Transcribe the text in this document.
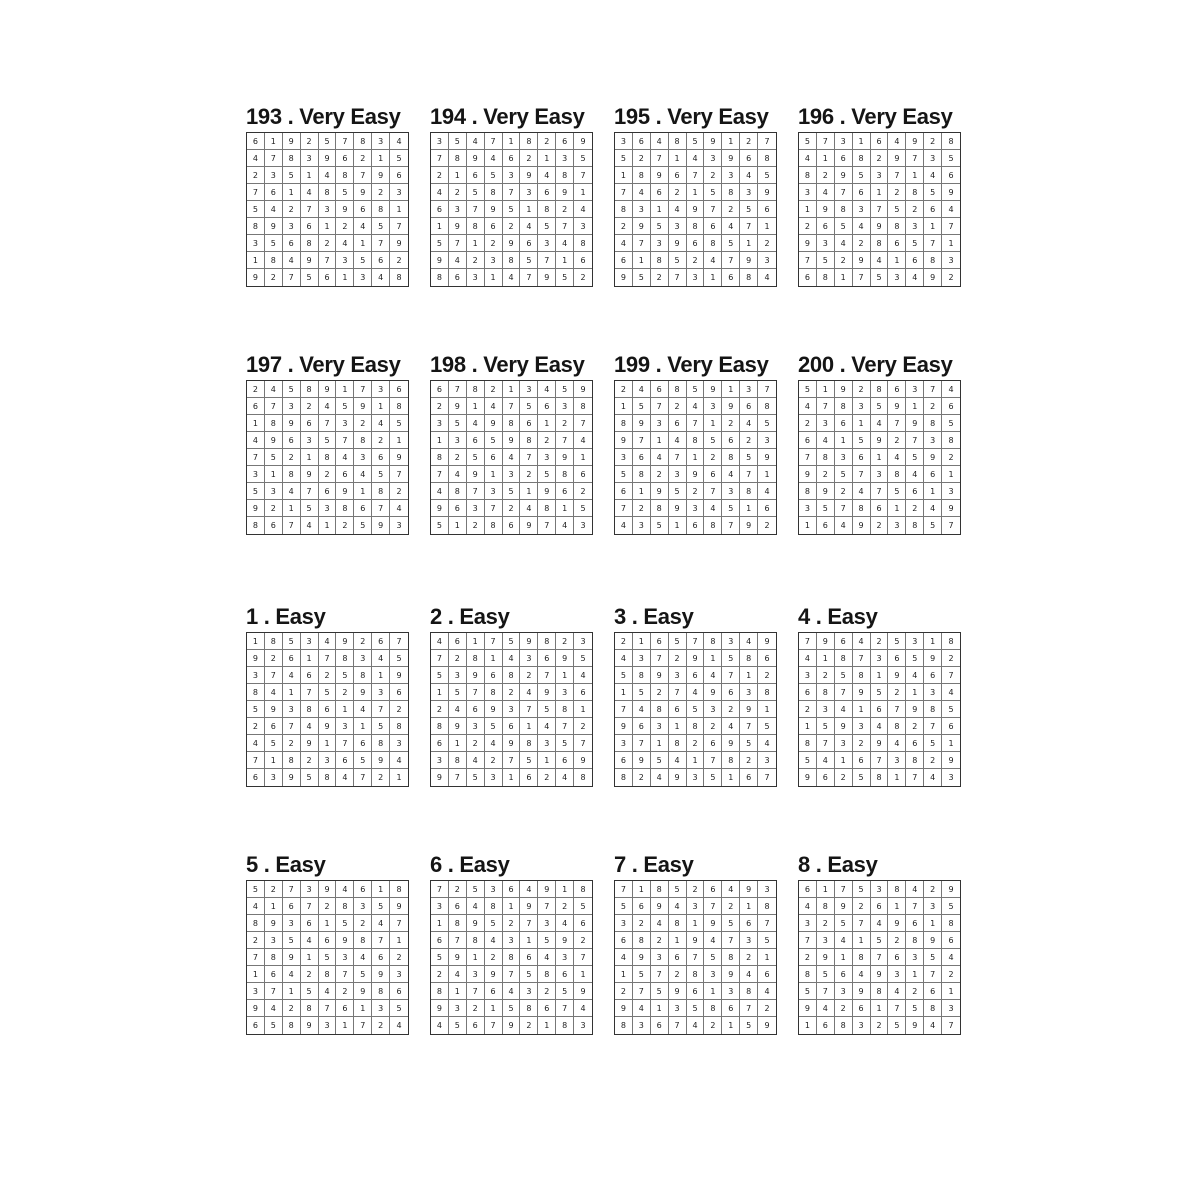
193 . Very Easy
6	1	9	2	5	7	8	3	4
4	7	8	3	9	6	2	1	5
2	3	5	1	4	8	7	9	6
7	6	1	4	8	5	9	2	3
5	4	2	7	3	9	6	8	1
8	9	3	6	1	2	4	5	7
3	5	6	8	2	4	1	7	9
1	8	4	9	7	3	5	6	2
9	2	7	5	6	1	3	4	8
194 . Very Easy
3	5	4	7	1	8	2	6	9
7	8	9	4	6	2	1	3	5
2	1	6	5	3	9	4	8	7
4	2	5	8	7	3	6	9	1
6	3	7	9	5	1	8	2	4
1	9	8	6	2	4	5	7	3
5	7	1	2	9	6	3	4	8
9	4	2	3	8	5	7	1	6
8	6	3	1	4	7	9	5	2
195 . Very Easy
3	6	4	8	5	9	1	2	7
5	2	7	1	4	3	9	6	8
1	8	9	6	7	2	3	4	5
7	4	6	2	1	5	8	3	9
8	3	1	4	9	7	2	5	6
2	9	5	3	8	6	4	7	1
4	7	3	9	6	8	5	1	2
6	1	8	5	2	4	7	9	3
9	5	2	7	3	1	6	8	4
196 . Very Easy
5	7	3	1	6	4	9	2	8
4	1	6	8	2	9	7	3	5
8	2	9	5	3	7	1	4	6
3	4	7	6	1	2	8	5	9
1	9	8	3	7	5	2	6	4
2	6	5	4	9	8	3	1	7
9	3	4	2	8	6	5	7	1
7	5	2	9	4	1	6	8	3
6	8	1	7	5	3	4	9	2
197 . Very Easy
2	4	5	8	9	1	7	3	6
6	7	3	2	4	5	9	1	8
1	8	9	6	7	3	2	4	5
4	9	6	3	5	7	8	2	1
7	5	2	1	8	4	3	6	9
3	1	8	9	2	6	4	5	7
5	3	4	7	6	9	1	8	2
9	2	1	5	3	8	6	7	4
8	6	7	4	1	2	5	9	3
198 . Very Easy
6	7	8	2	1	3	4	5	9
2	9	1	4	7	5	6	3	8
3	5	4	9	8	6	1	2	7
1	3	6	5	9	8	2	7	4
8	2	5	6	4	7	3	9	1
7	4	9	1	3	2	5	8	6
4	8	7	3	5	1	9	6	2
9	6	3	7	2	4	8	1	5
5	1	2	8	6	9	7	4	3
199 . Very Easy
2	4	6	8	5	9	1	3	7
1	5	7	2	4	3	9	6	8
8	9	3	6	7	1	2	4	5
9	7	1	4	8	5	6	2	3
3	6	4	7	1	2	8	5	9
5	8	2	3	9	6	4	7	1
6	1	9	5	2	7	3	8	4
7	2	8	9	3	4	5	1	6
4	3	5	1	6	8	7	9	2
200 . Very Easy
5	1	9	2	8	6	3	7	4
4	7	8	3	5	9	1	2	6
2	3	6	1	4	7	9	8	5
6	4	1	5	9	2	7	3	8
7	8	3	6	1	4	5	9	2
9	2	5	7	3	8	4	6	1
8	9	2	4	7	5	6	1	3
3	5	7	8	6	1	2	4	9
1	6	4	9	2	3	8	5	7
1 . Easy
1	8	5	3	4	9	2	6	7
9	2	6	1	7	8	3	4	5
3	7	4	6	2	5	8	1	9
8	4	1	7	5	2	9	3	6
5	9	3	8	6	1	4	7	2
2	6	7	4	9	3	1	5	8
4	5	2	9	1	7	6	8	3
7	1	8	2	3	6	5	9	4
6	3	9	5	8	4	7	2	1
2 . Easy
4	6	1	7	5	9	8	2	3
7	2	8	1	4	3	6	9	5
5	3	9	6	8	2	7	1	4
1	5	7	8	2	4	9	3	6
2	4	6	9	3	7	5	8	1
8	9	3	5	6	1	4	7	2
6	1	2	4	9	8	3	5	7
3	8	4	2	7	5	1	6	9
9	7	5	3	1	6	2	4	8
3 . Easy
2	1	6	5	7	8	3	4	9
4	3	7	2	9	1	5	8	6
5	8	9	3	6	4	7	1	2
1	5	2	7	4	9	6	3	8
7	4	8	6	5	3	2	9	1
9	6	3	1	8	2	4	7	5
3	7	1	8	2	6	9	5	4
6	9	5	4	1	7	8	2	3
8	2	4	9	3	5	1	6	7
4 . Easy
7	9	6	4	2	5	3	1	8
4	1	8	7	3	6	5	9	2
3	2	5	8	1	9	4	6	7
6	8	7	9	5	2	1	3	4
2	3	4	1	6	7	9	8	5
1	5	9	3	4	8	2	7	6
8	7	3	2	9	4	6	5	1
5	4	1	6	7	3	8	2	9
9	6	2	5	8	1	7	4	3
5 . Easy
5	2	7	3	9	4	6	1	8
4	1	6	7	2	8	3	5	9
8	9	3	6	1	5	2	4	7
2	3	5	4	6	9	8	7	1
7	8	9	1	5	3	4	6	2
1	6	4	2	8	7	5	9	3
3	7	1	5	4	2	9	8	6
9	4	2	8	7	6	1	3	5
6	5	8	9	3	1	7	2	4
6 . Easy
7	2	5	3	6	4	9	1	8
3	6	4	8	1	9	7	2	5
1	8	9	5	2	7	3	4	6
6	7	8	4	3	1	5	9	2
5	9	1	2	8	6	4	3	7
2	4	3	9	7	5	8	6	1
8	1	7	6	4	3	2	5	9
9	3	2	1	5	8	6	7	4
4	5	6	7	9	2	1	8	3
7 . Easy
7	1	8	5	2	6	4	9	3
5	6	9	4	3	7	2	1	8
3	2	4	8	1	9	5	6	7
6	8	2	1	9	4	7	3	5
4	9	3	6	7	5	8	2	1
1	5	7	2	8	3	9	4	6
2	7	5	9	6	1	3	8	4
9	4	1	3	5	8	6	7	2
8	3	6	7	4	2	1	5	9
8 . Easy
6	1	7	5	3	8	4	2	9
4	8	9	2	6	1	7	3	5
3	2	5	7	4	9	6	1	8
7	3	4	1	5	2	8	9	6
2	9	1	8	7	6	3	5	4
8	5	6	4	9	3	1	7	2
5	7	3	9	8	4	2	6	1
9	4	2	6	1	7	5	8	3
1	6	8	3	2	5	9	4	7
